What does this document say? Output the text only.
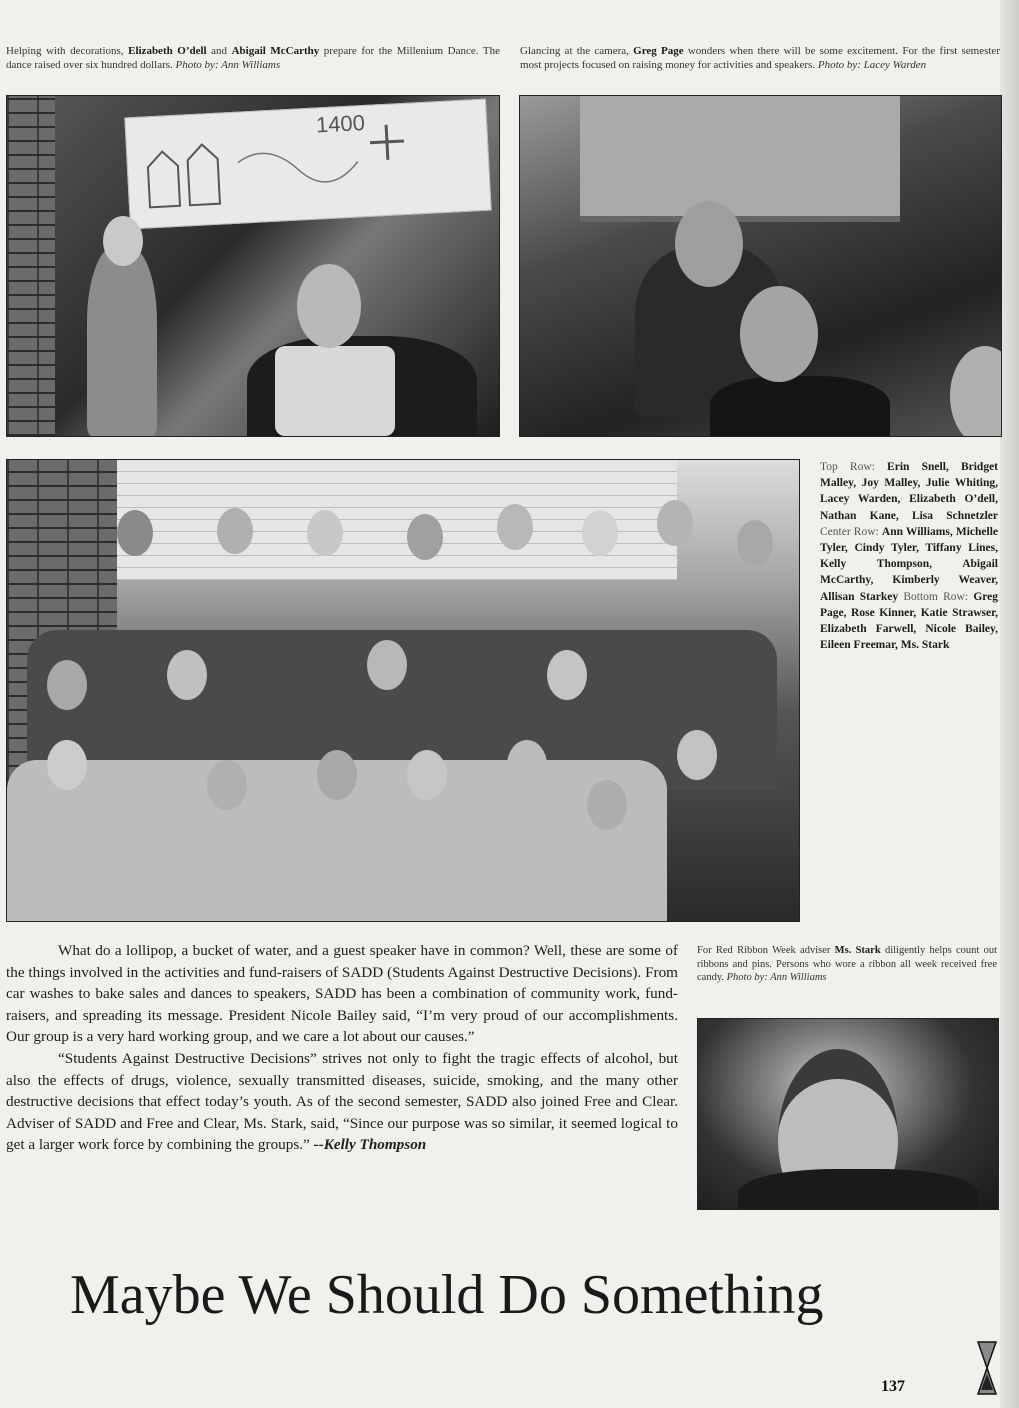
Helping with decorations, Elizabeth O’dell and Abigail McCarthy prepare for the Millenium Dance. The dance raised over six hundred dollars. Photo by: Ann Williams
Glancing at the camera, Greg Page wonders when there will be some excitement. For the first semester most projects focused on raising money for activities and speakers. Photo by: Lacey Warden
1400
Top Row: Erin Snell, Bridget Malley, Joy Malley, Julie Whiting, Lacey Warden, Elizabeth O’dell, Nathan Kane, Lisa Schnetzler Center Row: Ann Williams, Michelle Tyler, Cindy Tyler, Tiffany Lines, Kelly Thompson, Abigail McCarthy, Kimberly Weaver, Allisan Starkey Bottom Row: Greg Page, Rose Kinner, Katie Strawser, Elizabeth Farwell, Nicole Bailey, Eileen Freemar, Ms. Stark

What do a lollipop, a bucket of water, and a guest speaker have in common? Well, these are some of the things involved in the activities and fund-raisers of SADD (Students Against Destructive Decisions). From car washes to bake sales and dances to speakers, SADD has been a combination of community work, fund-raisers, and spreading its message. President Nicole Bailey said, “I’m very proud of our accomplishments. Our group is a very hard working group, and we care a lot about our causes.”

“Students Against Destructive Decisions” strives not only to fight the tragic effects of alcohol, but also the effects of drugs, violence, sexually transmitted diseases, suicide, smoking, and the many other destructive decisions that effect today’s youth. As of the second semester, SADD also joined Free and Clear. Adviser of SADD and Free and Clear, Ms. Stark, said, “Since our purpose was so similar, it seemed logical to get a larger work force by combining the groups.” --Kelly Thompson

For Red Ribbon Week adviser Ms. Stark diligently helps count out ribbons and pins. Persons who wore a ribbon all week received free candy. Photo by: Ann Williams
Maybe We Should Do Something
137
